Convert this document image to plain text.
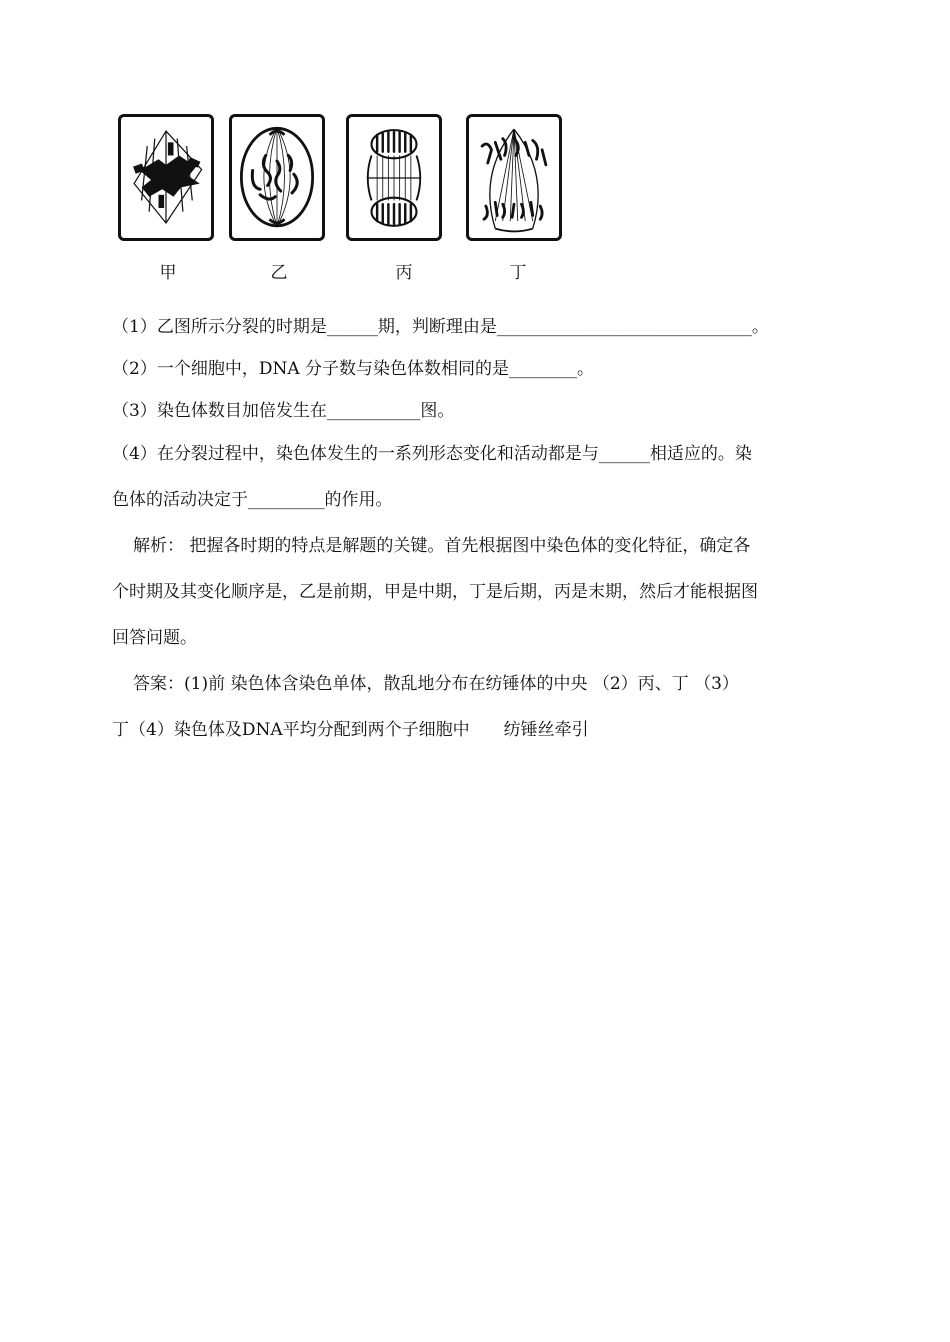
甲	乙	丙	丁
（1）乙图所示分裂的时期是______期，判断理由是______________________________。
（2）一个细胞中，DNA 分子数与染色体数相同的是________。
（3）染色体数目加倍发生在___________图。
（4）在分裂过程中，染色体发生的一系列形态变化和活动都是与______相适应的。染
色体的活动决定于_________的作用。
解析： 把握各时期的特点是解题的关键。首先根据图中染色体的变化特征，确定各
个时期及其变化顺序是，乙是前期，甲是中期，丁是后期，丙是末期，然后才能根据图
回答问题。
答案：(1)前 染色体含染色单体，散乱地分布在纺锤体的中央 （2）丙、丁 （3）
丁（4）染色体及DNA平均分配到两个子细胞中　　纺锤丝牵引
